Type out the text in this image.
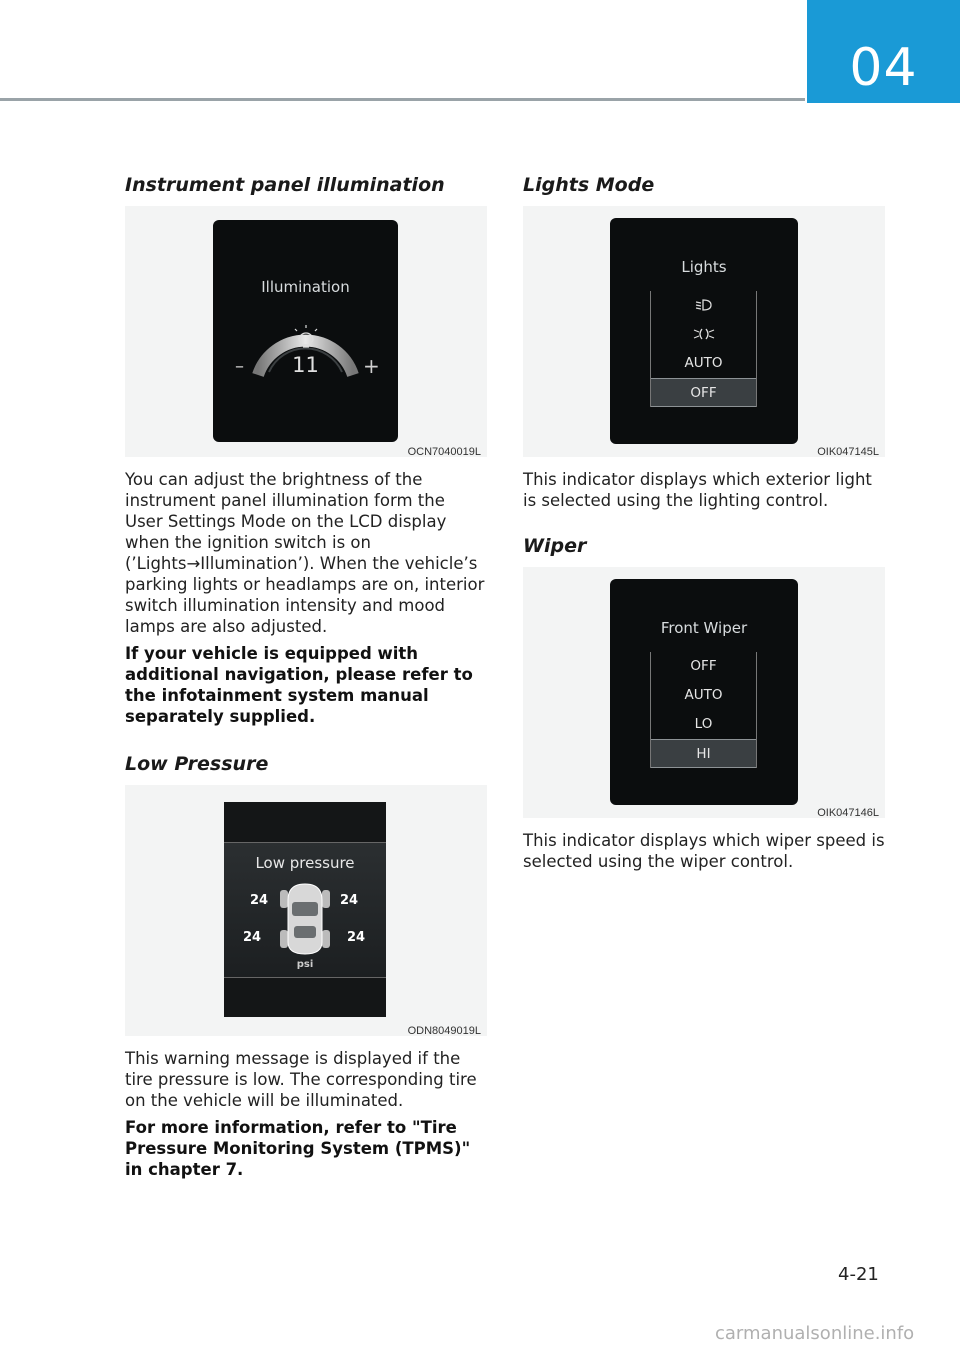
04
Instrument panel illumination
Illumination
11
–	+
OCN7040019L

You can adjust the brightness of the instrument panel illumination form the User Settings Mode on the LCD display when the ignition switch is on (’Lights→Illumination’). When the vehicle’s parking lights or headlamps are on, interior switch illumination intensity and mood lamps are also adjusted.

If your vehicle is equipped with additional navigation, please refer to the infotainment system manual separately supplied.

Low Pressure
Low pressure
24	24
24	24
psi
ODN8049019L

This warning message is displayed if the tire pressure is low. The corresponding tire on the vehicle will be illuminated.

For more information, refer to "Tire Pressure Monitoring System (TPMS)" in chapter 7.

Lights Mode
Lights
AUTO
OFF
OIK047145L

This indicator displays which exterior light is selected using the lighting control.

Wiper
Front Wiper
OFF
AUTO
LO
HI
OIK047146L

This indicator displays which wiper speed is selected using the wiper control.

4-21
carmanualsonline.info
